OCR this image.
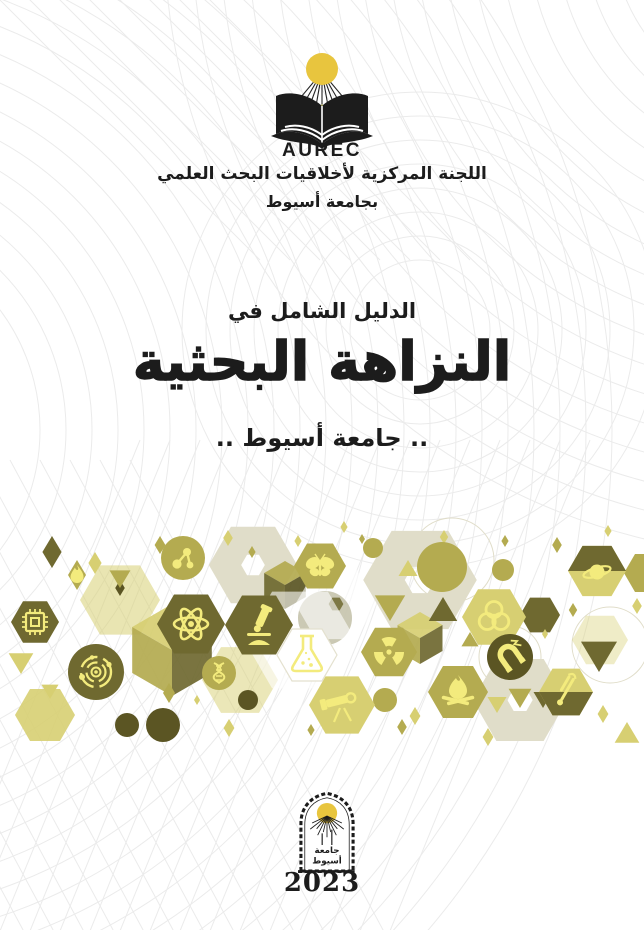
AUREC
اللجنة المركزية لأخلاقيات البحث العلمي
بجامعة أسيوط
الدليل الشامل في
النزاهة البحثية
.. جامعة أسيوط ..
جامعة
أسيوط
2023
